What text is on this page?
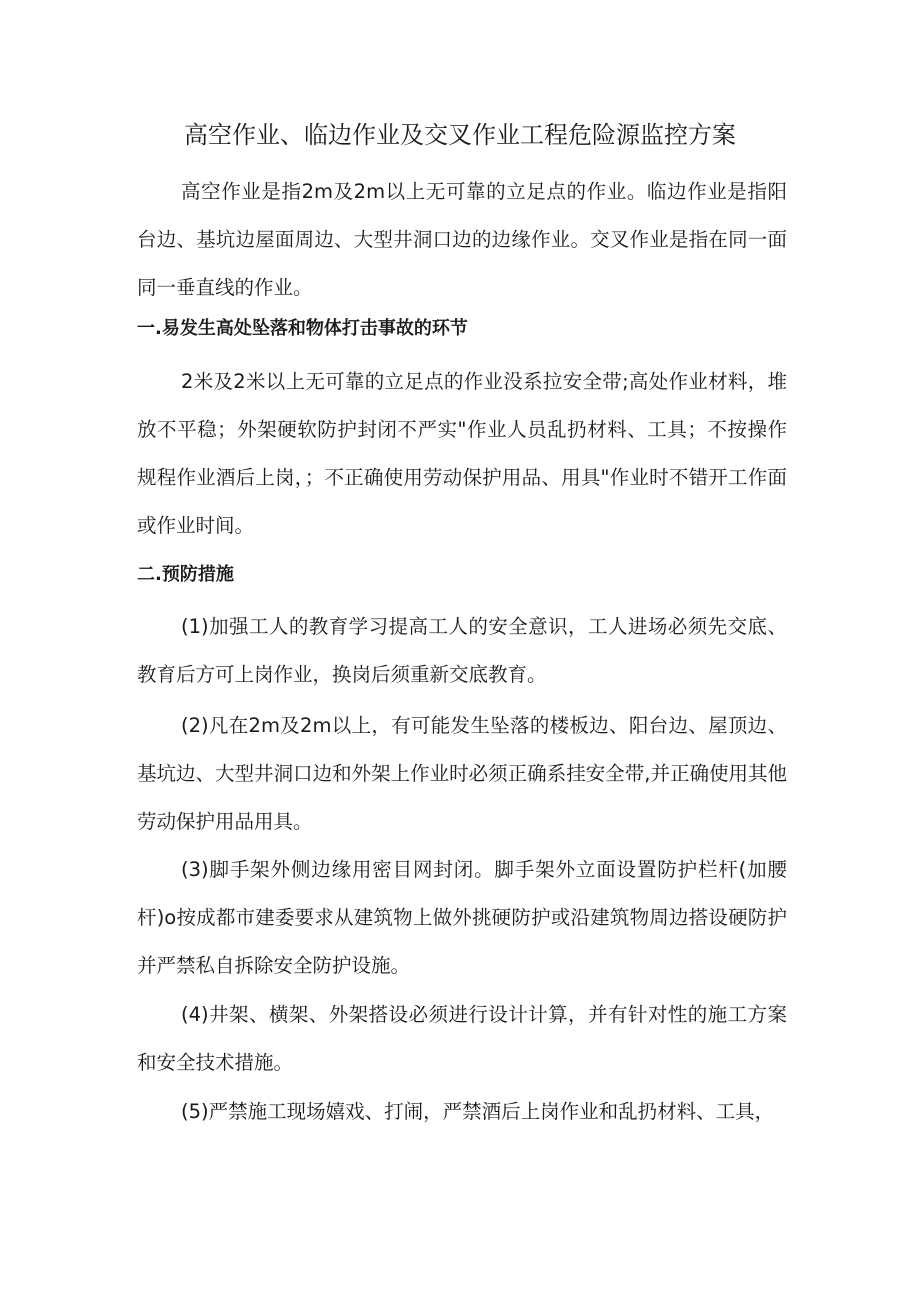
高空作业、临边作业及交叉作业工程危险源监控方案

高空作业是指2m及2m以上无可靠的立足点的作业。临边作业是指阳台边、基坑边屋面周边、大型井洞口边的边缘作业。交叉作业是指在同一面同一垂直线的作业。

一.易发生高处坠落和物体打击事故的环节

2米及2米以上无可靠的立足点的作业没系拉安全带;高处作业材料，堆放不平稳；外架硬软防护封闭不严实"作业人员乱扔材料、工具；不按操作规程作业酒后上岗，；不正确使用劳动保护用品、用具"作业时不错开工作面或作业时间。

二.预防措施

(1)加强工人的教育学习提高工人的安全意识，工人进场必须先交底、教育后方可上岗作业，换岗后须重新交底教育。

(2)凡在2m及2m以上，有可能发生坠落的楼板边、阳台边、屋顶边、基坑边、大型井洞口边和外架上作业时必须正确系挂安全带,并正确使用其他劳动保护用品用具。

(3)脚手架外侧边缘用密目网封闭。脚手架外立面设置防护栏杆(加腰杆)o按成都市建委要求从建筑物上做外挑硬防护或沿建筑物周边搭设硬防护并严禁私自拆除安全防护设施。

(4)井架、横架、外架搭设必须进行设计计算，并有针对性的施工方案和安全技术措施。

(5)严禁施工现场嬉戏、打闹，严禁酒后上岗作业和乱扔材料、工具，
